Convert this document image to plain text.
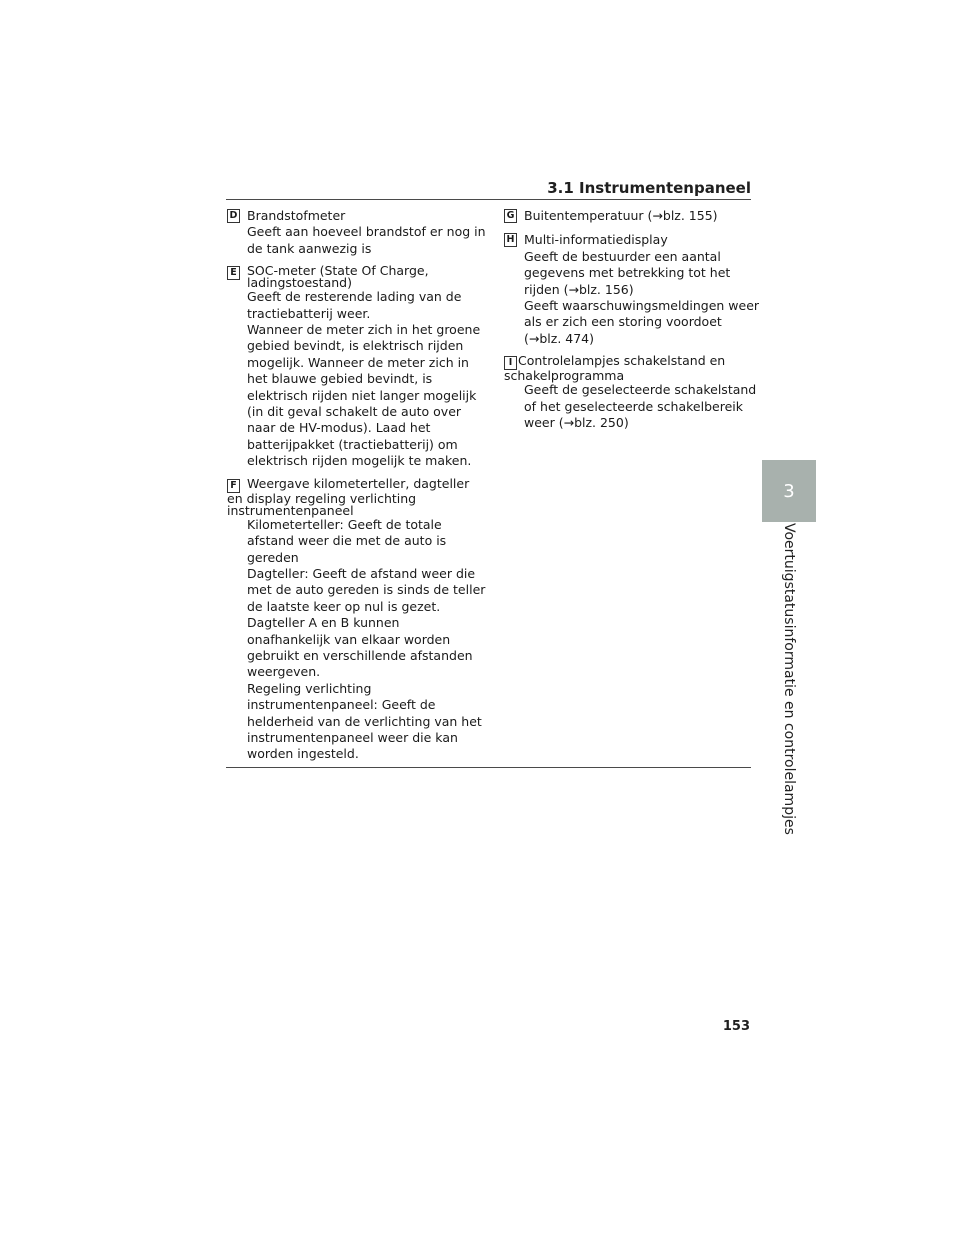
3.1 Instrumentenpaneel
D Brandstofmeter
Geeft aan hoeveel brandstof er nog in
de tank aanwezig is
E SOC-meter (State Of Charge,
ladingstoestand)
Geeft de resterende lading van de
tractiebatterij weer.
Wanneer de meter zich in het groene
gebied bevindt, is elektrisch rijden
mogelijk. Wanneer de meter zich in
het blauwe gebied bevindt, is
elektrisch rijden niet langer mogelijk
(in dit geval schakelt de auto over
naar de HV-modus). Laad het
batterijpakket (tractiebatterij) om
elektrisch rijden mogelijk te maken.
F Weergave kilometerteller, dagteller
en display regeling verlichting
instrumentenpaneel
Kilometerteller: Geeft de totale
afstand weer die met de auto is
gereden
Dagteller: Geeft de afstand weer die
met de auto gereden is sinds de teller
de laatste keer op nul is gezet.
Dagteller A en B kunnen
onafhankelijk van elkaar worden
gebruikt en verschillende afstanden
weergeven.
Regeling verlichting
instrumentenpaneel: Geeft de
helderheid van de verlichting van het
instrumentenpaneel weer die kan
worden ingesteld.
G Buitentemperatuur (→blz. 155)
H Multi-informatiedisplay
Geeft de bestuurder een aantal
gegevens met betrekking tot het
rijden (→blz. 156)
Geeft waarschuwingsmeldingen weer
als er zich een storing voordoet
(→blz. 474)
I Controlelampjes schakelstand en
schakelprogramma
Geeft de geselecteerde schakelstand
of het geselecteerde schakelbereik
weer (→blz. 250)
3
Voertuigstatusinformatie en controlelampjes
153
